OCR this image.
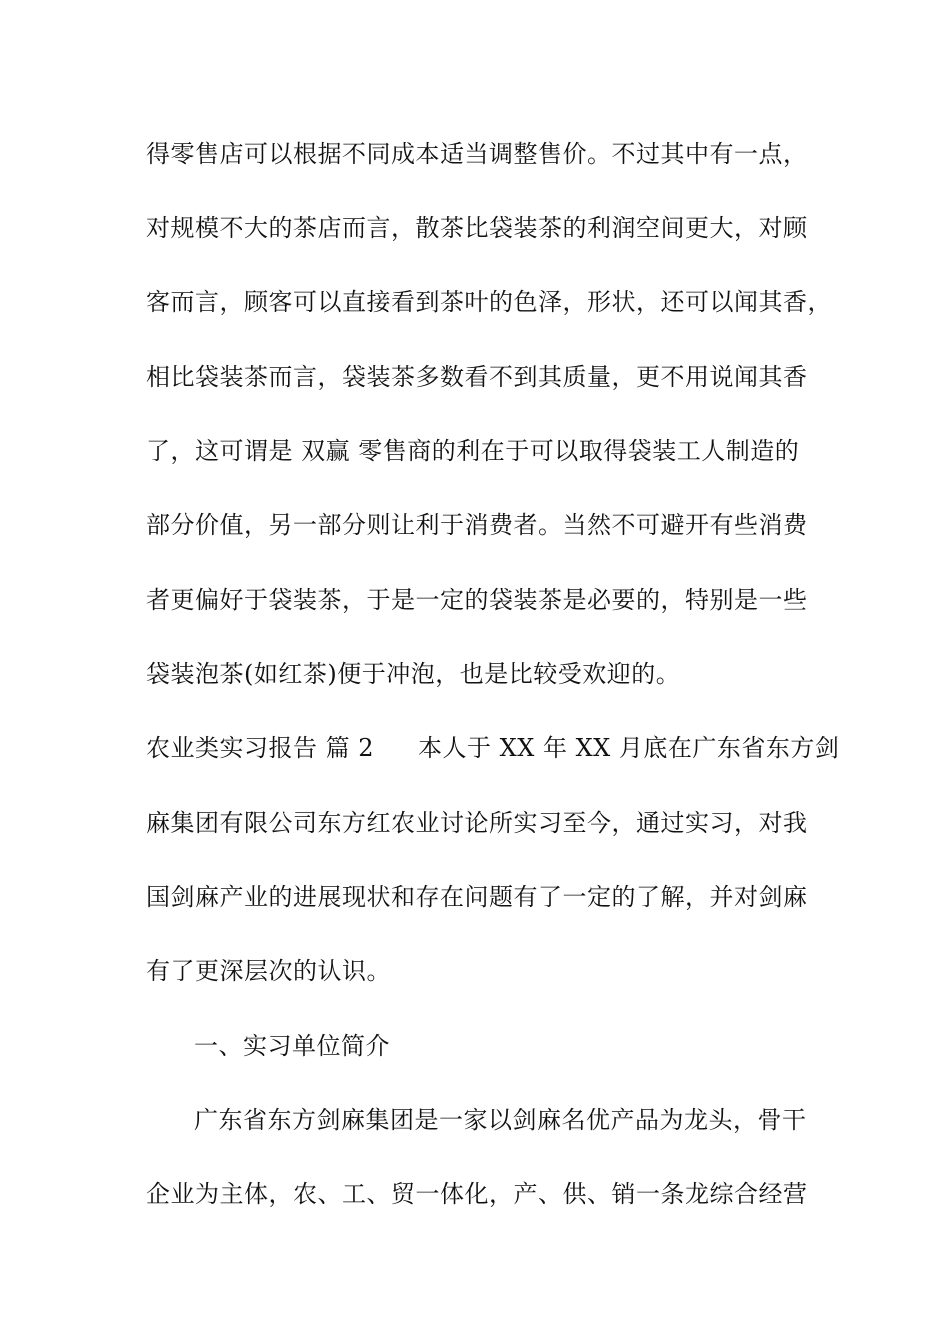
得零售店可以根据不同成本适当调整售价。不过其中有一点，
对规模不大的茶店而言，散茶比袋装茶的利润空间更大，对顾
客而言，顾客可以直接看到茶叶的色泽，形状，还可以闻其香，
相比袋装茶而言，袋装茶多数看不到其质量，更不用说闻其香
了，这可谓是 双赢 零售商的利在于可以取得袋装工人制造的
部分价值，另一部分则让利于消费者。当然不可避开有些消费
者更偏好于袋装茶，于是一定的袋装茶是必要的，特别是一些
袋装泡茶(如红茶)便于冲泡，也是比较受欢迎的。
农业类实习报告 篇 2 本人于 XX 年 XX 月底在广东省东方剑
麻集团有限公司东方红农业讨论所实习至今，通过实习，对我
国剑麻产业的进展现状和存在问题有了一定的了解，并对剑麻
有了更深层次的认识。
一、实习单位简介
广东省东方剑麻集团是一家以剑麻名优产品为龙头，骨干
企业为主体，农、工、贸一体化，产、供、销一条龙综合经营
